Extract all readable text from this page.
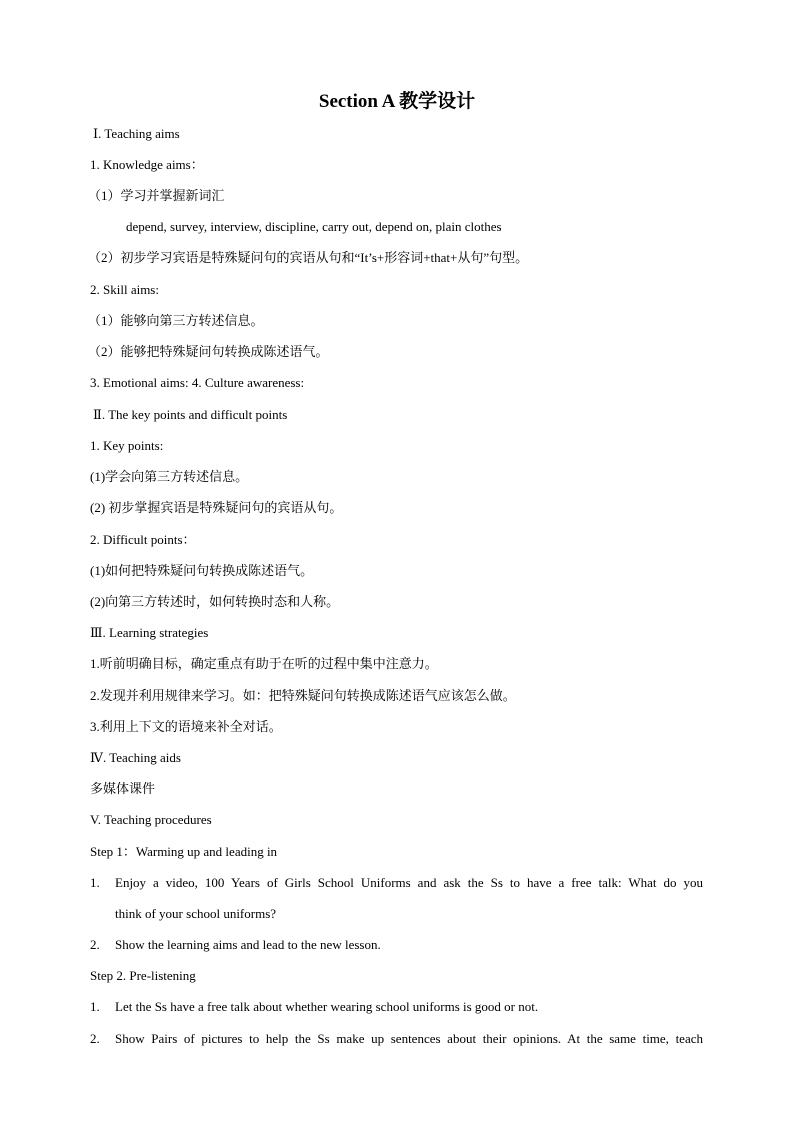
Section A 教学设计
Ⅰ. Teaching aims
1. Knowledge aims：
（1）学习并掌握新词汇
depend, survey, interview, discipline, carry out, depend on, plain clothes
（2）初步学习宾语是特殊疑问句的宾语从句和“It’s+形容词+that+从句”句型。
2. Skill aims:
（1）能够向第三方转述信息。
（2）能够把特殊疑问句转换成陈述语气。
3. Emotional aims: 4. Culture awareness:
Ⅱ. The key points and difficult points
1. Key points:
(1)学会向第三方转述信息。
(2) 初步掌握宾语是特殊疑问句的宾语从句。
2. Difficult points：
(1)如何把特殊疑问句转换成陈述语气。
(2)向第三方转述时，如何转换时态和人称。
Ⅲ. Learning strategies
1.听前明确目标，确定重点有助于在听的过程中集中注意力。
2.发现并利用规律来学习。如：把特殊疑问句转换成陈述语气应该怎么做。
3.利用上下文的语境来补全对话。
Ⅳ. Teaching aids
多媒体课件
V. Teaching procedures
Step 1：Warming up and leading in
1. Enjoy a video, 100 Years of Girls School Uniforms and ask the Ss to have a free talk: What do you
think of your school uniforms?
2. Show the learning aims and lead to the new lesson.
Step 2. Pre-listening
1. Let the Ss have a free talk about whether wearing school uniforms is good or not.
2. Show Pairs of pictures to help the Ss make up sentences about their opinions. At the same time, teach
